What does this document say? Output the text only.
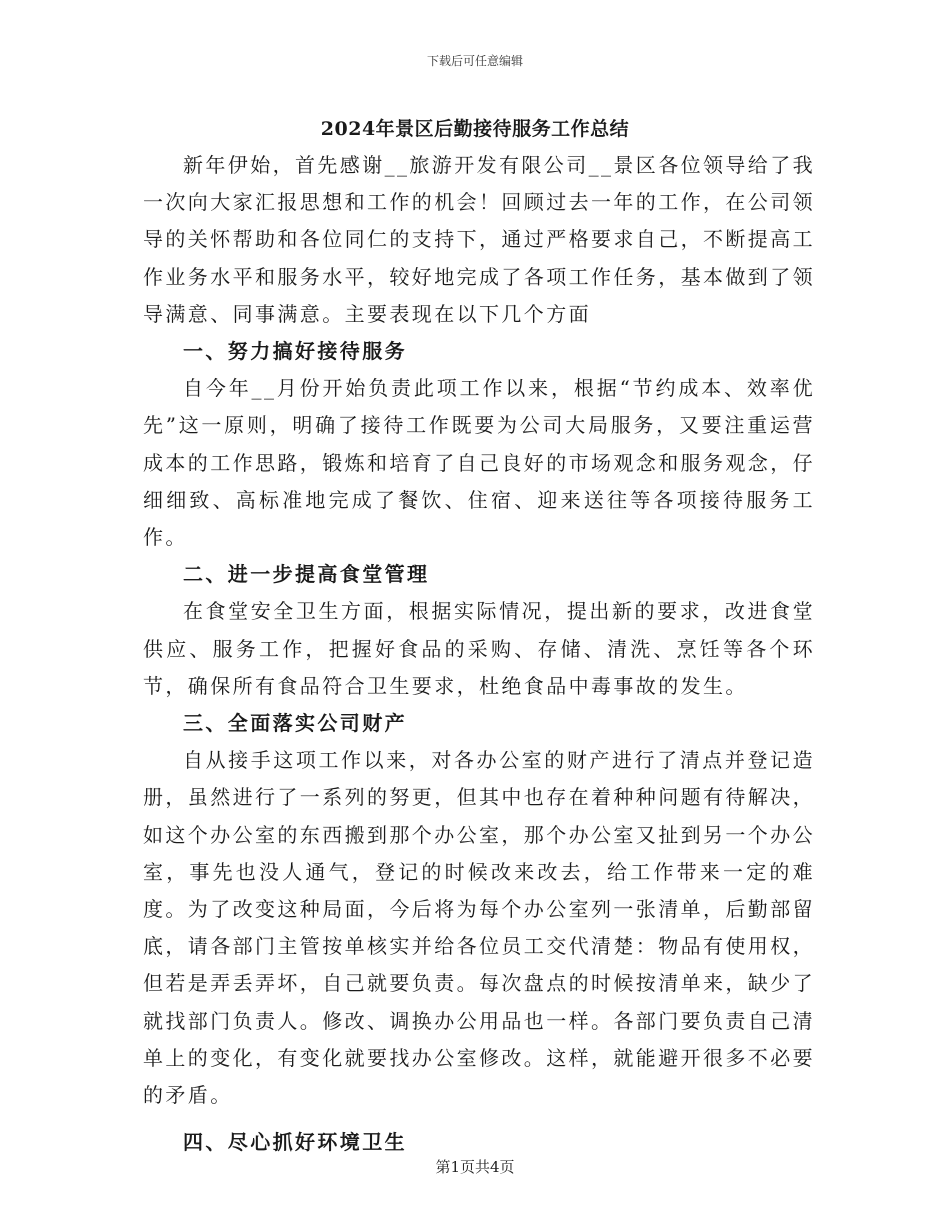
下载后可任意编辑
2024年景区后勤接待服务工作总结

新年伊始，首先感谢__旅游开发有限公司__景区各位领导给了我一次向大家汇报思想和工作的机会！回顾过去一年的工作，在公司领导的关怀帮助和各位同仁的支持下，通过严格要求自己，不断提高工作业务水平和服务水平，较好地完成了各项工作任务，基本做到了领导满意、同事满意。主要表现在以下几个方面

一、努力搞好接待服务

自今年__月份开始负责此项工作以来，根据“节约成本、效率优先”这一原则，明确了接待工作既要为公司大局服务，又要注重运营成本的工作思路，锻炼和培育了自己良好的市场观念和服务观念，仔细细致、高标准地完成了餐饮、住宿、迎来送往等各项接待服务工作。

二、进一步提高食堂管理

在食堂安全卫生方面，根据实际情况，提出新的要求，改进食堂供应、服务工作，把握好食品的采购、存储、清洗、烹饪等各个环节，确保所有食品符合卫生要求，杜绝食品中毒事故的发生。

三、全面落实公司财产

自从接手这项工作以来，对各办公室的财产进行了清点并登记造册，虽然进行了一系列的努更，但其中也存在着种种问题有待解决，如这个办公室的东西搬到那个办公室，那个办公室又扯到另一个办公室，事先也没人通气，登记的时候改来改去，给工作带来一定的难度。为了改变这种局面，今后将为每个办公室列一张清单，后勤部留底，请各部门主管按单核实并给各位员工交代清楚：物品有使用权，但若是弄丢弄坏，自己就要负责。每次盘点的时候按清单来，缺少了就找部门负责人。修改、调换办公用品也一样。各部门要负责自己清单上的变化，有变化就要找办公室修改。这样，就能避开很多不必要的矛盾。

四、尽心抓好环境卫生

第1页共4页
